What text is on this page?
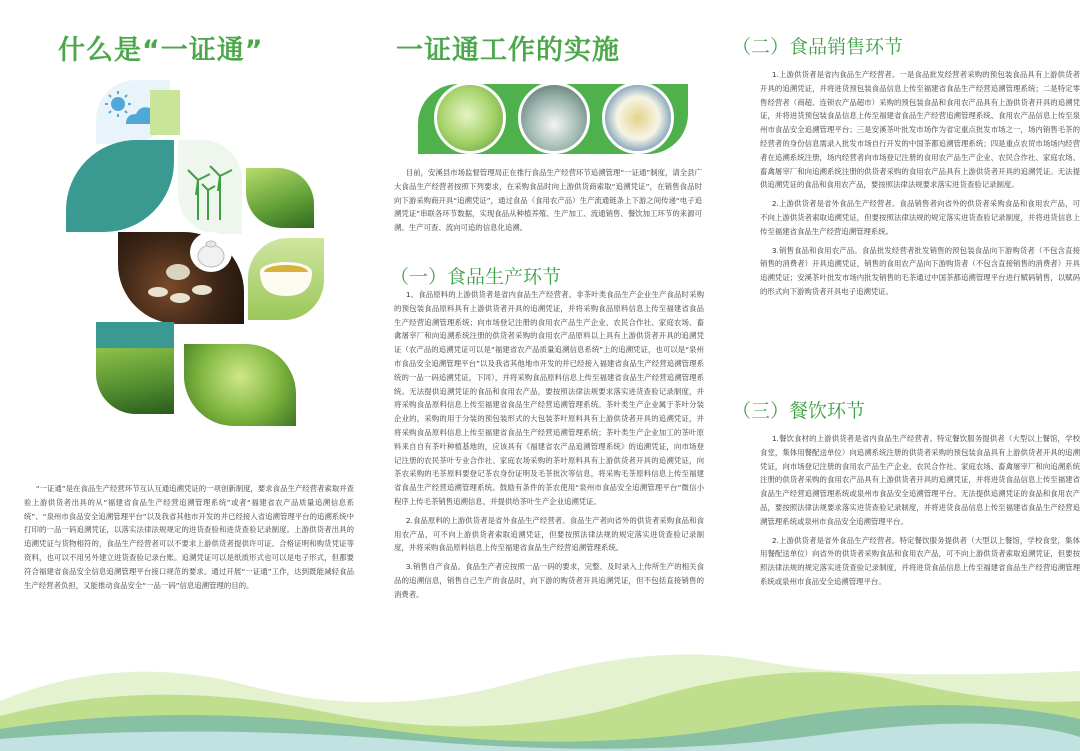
什么是“一证通”

“一证通”是在食品生产经营环节互认互通追溯凭证的一项创新制度，要求食品生产经营者索取并查验上游供货者出具的从“福建省食品生产经营追溯管理系统”或者“福建省农产品质量追溯信息系统”、“泉州市食品安全追溯管理平台”以及我省其他市开发的并已经接入省追溯管理平台的追溯系统中打印的一品一码追溯凭证，以落实法律法规规定的进货查验和进货查验记录制度。上游供货者出具的追溯凭证与货物相符的，食品生产经营者可以不要求上游供货者提供许可证、合格证明和购货凭证等资料，也可以不用另外建立进货查验记录台账。追溯凭证可以是纸质形式也可以是电子形式，但都要符合福建省食品安全信息追溯管理平台接口规范的要求。通过开展“一证通”工作，达到既能减轻食品生产经营者负担，又能推动食品安全“一品一码”信息追溯管理的目的。

一证通工作的实施

目前，安溪县市场监督管理局正在推行食品生产经营环节追溯管理“一证通”制度，请全县广大食品生产经营者按照下列要求，在采购食品时向上游供货商索取“追溯凭证”，在销售食品时向下游采购商开具“追溯凭证”，通过食品（食用农产品）生产流通链条上下游之间传递“电子追溯凭证”串联各环节数据，实现食品从种植养殖、生产加工、流通销售、餐饮加工环节的来源可溯、生产可查、流向可追的信息化追溯。

（一）食品生产环节

1、食品原料的上游供货者是省内食品生产经营者。非茶叶类食品生产企业生产食品时采购的预包装食品原料具有上游供货者开具的追溯凭证，并将采购食品原料信息上传至福建省食品生产经营追溯管理系统；向市场登记注册的食用农产品生产企业、农民合作社、家庭农场、畜禽屠宰厂和向追溯系统注册的供货者采购的食用农产品原料以上具有上游供货者开具的追溯凭证（农产品的追溯凭证可以是“福建省农产品质量追溯信息系统”上的追溯凭证，也可以是“泉州市食品安全追溯管理平台”以及我省其他地市开发的并已经接入福建省食品生产经营追溯管理系统的一品一码追溯凭证，下同），并将采购食品原料信息上传至福建省食品生产经营追溯管理系统。无法提供追溯凭证的食品和食用农产品，要按照法律法规要求落实进货查验记录制度，并将采购食品原料信息上传至福建省食品生产经营追溯管理系统。茶叶类生产企业属于茶叶分装企业的，采购的用于分装的预包装形式的大包装茶叶原料具有上游供货者开具的追溯凭证，并将采购食品原料信息上传至福建省食品生产经营追溯管理系统；茶叶类生产企业加工的茶叶原料来自自有茶叶种植基地的，应该具有《福建省农产品追溯管理系统》的追溯凭证，向市场登记注册的农民茶叶专业合作社、家庭农场采购的茶叶原料具有上游供货者开具的追溯凭证，向茶农采购的毛茶原料要登记茶农身份证明及毛茶批次等信息，将采购毛茶原料信息上传至福建省食品生产经营追溯管理系统。鼓励有条件的茶农使用“泉州市食品安全追溯管理平台”微信小程序上传毛茶销售追溯信息，并提供给茶叶生产企业追溯凭证。

2.食品原料的上游供货者是省外食品生产经营者。食品生产者向省外的供货者采购食品和食用农产品，可不向上游供货者索取追溯凭证，但要按照法律法规的规定落实进货查验记录制度，并将采购食品原料信息上传至福建省食品生产经营追溯管理系统。

3.销售自产食品。食品生产者应按照一品一码的要求，完整、及时录入上传所生产的相关食品的追溯信息，销售自己生产的食品时，向下游的购货者开具追溯凭证，但不包括直接销售的消费者。

（二）食品销售环节

1.上游供货者是省内食品生产经营者。一是食品批发经营者采购的预包装食品具有上游供货者开具的追溯凭证，并将进货预包装食品信息上传至福建省食品生产经营追溯管理系统；二是特定零售经营者（商超、连锁农产品超市）采购的预包装食品和食用农产品具有上游供货者开具的追溯凭证，并将进货预包装食品信息上传至福建省食品生产经营追溯管理系统、食用农产品信息上传至泉州市食品安全追溯管理平台；三是安溪茶叶批发市场作为省定重点批发市场之一，场内销售毛茶的经营者的身份信息需录入批发市场自行开发的中国茶都追溯管理系统；四是重点农贸市场场内经营者在追溯系统注册，场内经营者向市场登记注册的食用农产品生产企业、农民合作社、家庭农场、畜禽屠宰厂和向追溯系统注册的供货者采购的食用农产品具有上游供货者开具的追溯凭证。无法提供追溯凭证的食品和食用农产品，要按照法律法规要求落实进货查验记录制度。

2.上游供货者是省外食品生产经营者。食品销售者向省外的供货者采购食品和食用农产品，可不向上游供货者索取追溯凭证，但要按照法律法规的规定落实进货查验记录制度，并将进货信息上传至福建省食品生产经营追溯管理系统。

3.销售食品和食用农产品。食品批发经营者批发销售的预包装食品向下游购货者（不包含直接销售的消费者）开具追溯凭证，销售的食用农产品向下游购货者（不包含直接销售的消费者）开具追溯凭证；安溪茶叶批发市场内批发销售的毛茶通过中国茶都追溯管理平台进行赋码销售，以赋码的形式向下游购货者开具电子追溯凭证。

（三）餐饮环节

1.餐饮食材的上游供货者是省内食品生产经营者。特定餐饮服务提供者（大型以上餐馆，学校食堂，集体用餐配送单位）向追溯系统注册的供货者采购的预包装食品具有上游供货者开具的追溯凭证，向市场登记注册的食用农产品生产企业、农民合作社、家庭农场、畜禽屠宰厂和向追溯系统注册的供货者采购的食用农产品具有上游供货者开具的追溯凭证，并将进货食品信息上传至福建省食品生产经营追溯管理系统或泉州市食品安全追溯管理平台。无法提供追溯凭证的食品和食用农产品，要按照法律法规要求落实进货查验记录制度，并将进货食品信息上传至福建省食品生产经营追溯管理系统或泉州市食品安全追溯管理平台。

2.上游供货者是省外食品生产经营者。特定餐饮服务提供者（大型以上餐馆，学校食堂，集体用餐配送单位）向省外的供货者采购食品和食用农产品，可不向上游供货者索取追溯凭证，但要按照法律法规的规定落实进货查验记录制度，并将进货食品信息上传至福建省食品生产经营追溯管理系统或泉州市食品安全追溯管理平台。
